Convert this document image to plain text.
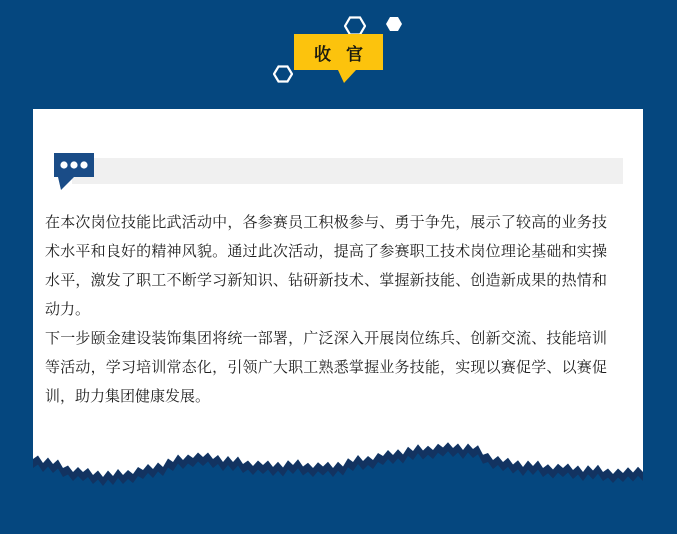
收官
在本次岗位技能比武活动中，各参赛员工积极参与、勇于争先，展示了较高的业务技
术水平和良好的精神风貌。通过此次活动，提高了参赛职工技术岗位理论基础和实操
水平，激发了职工不断学习新知识、钻研新技术、掌握新技能、创造新成果的热情和
动力。
下一步颐金建设装饰集团将统一部署，广泛深入开展岗位练兵、创新交流、技能培训
等活动，学习培训常态化，引领广大职工熟悉掌握业务技能，实现以赛促学、以赛促
训，助力集团健康发展。
